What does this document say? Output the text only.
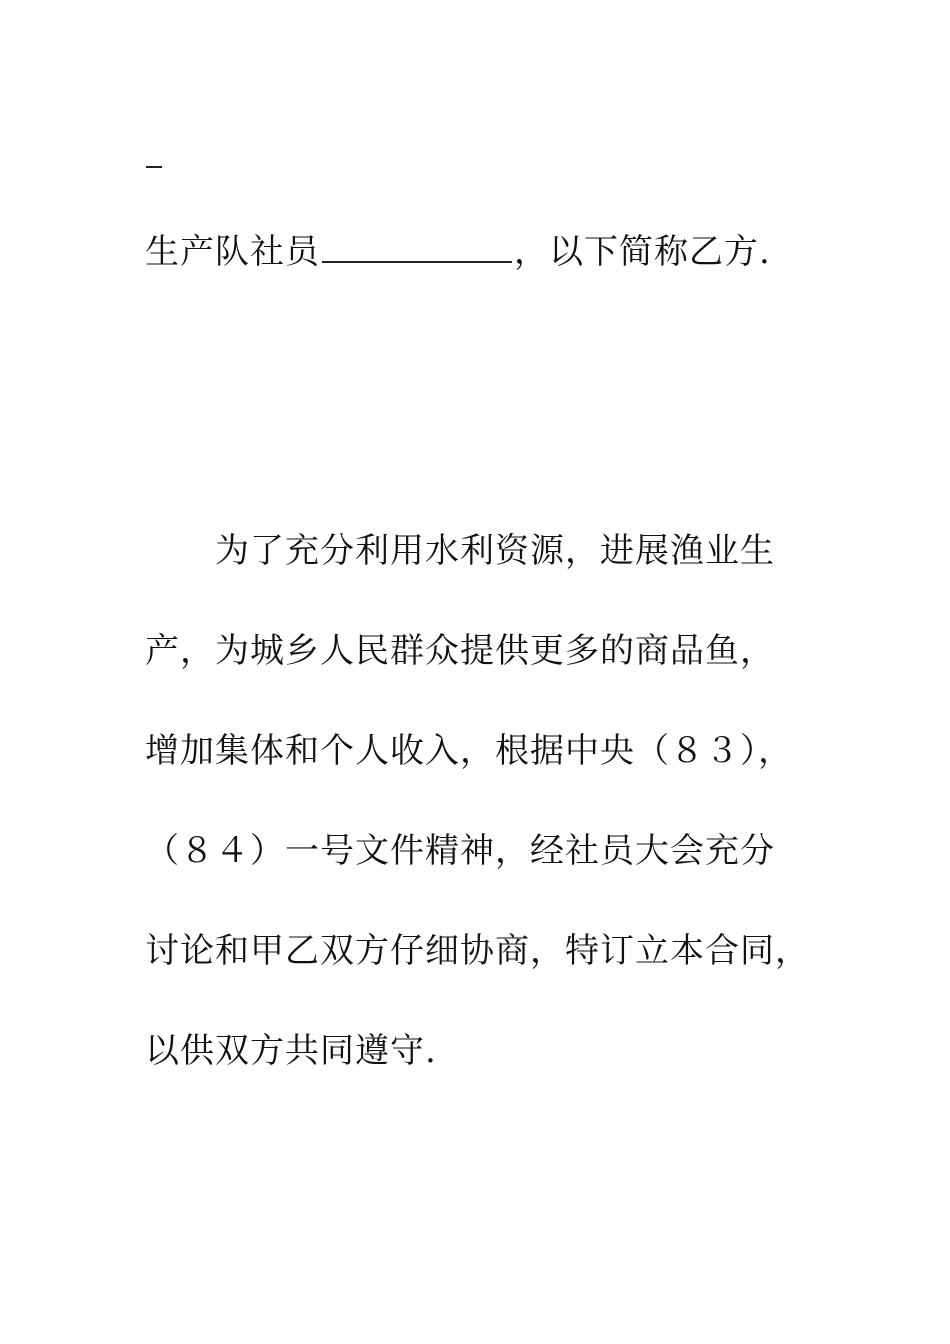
生产队社员	，以下简称乙方.
为了充分利用水利资源，进展渔业生
产，为城乡人民群众提供更多的商品鱼，
增加集体和个人收入，根据中央（８３），
（８４）一号文件精神，经社员大会充分
讨论和甲乙双方仔细协商，特订立本合同，
以供双方共同遵守.
